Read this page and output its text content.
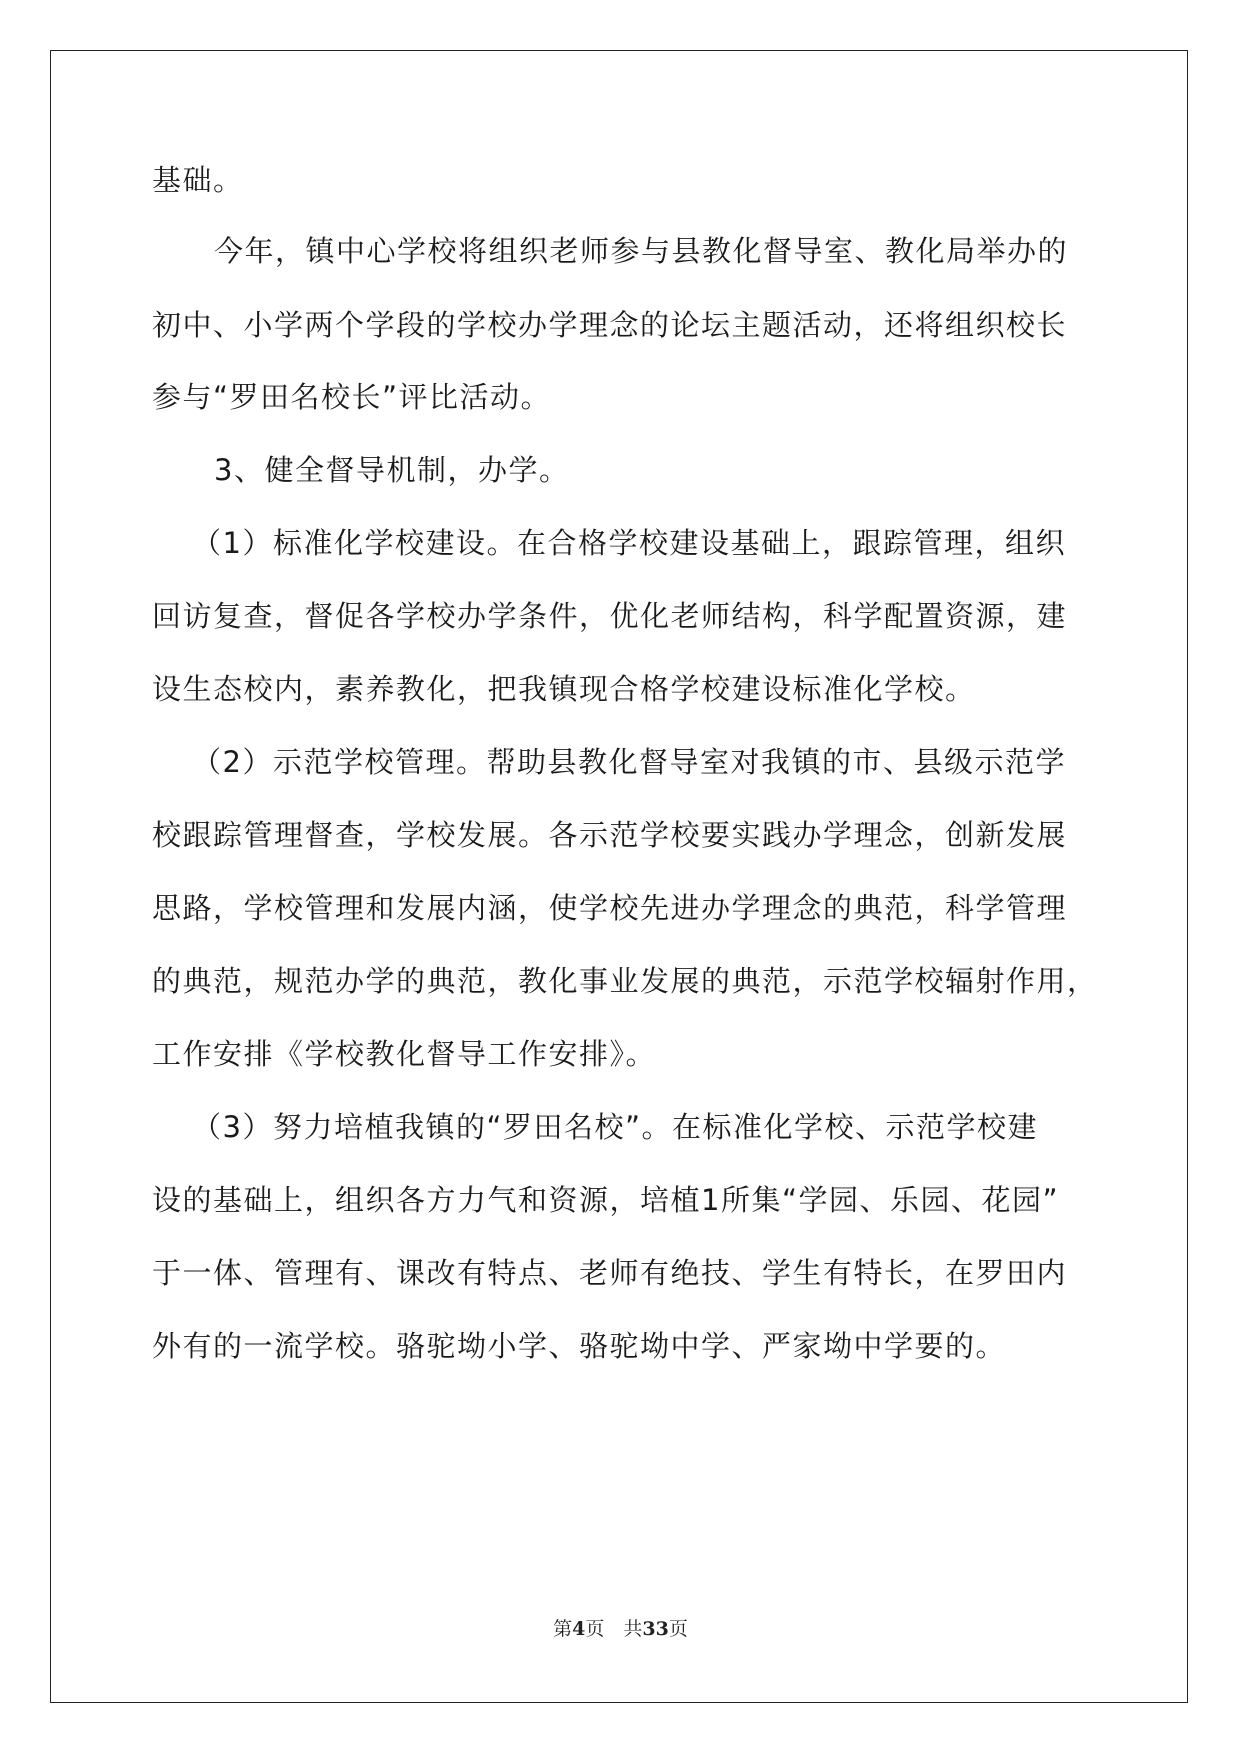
基础。
今年，镇中心学校将组织老师参与县教化督导室、教化局举办的
初中、小学两个学段的学校办学理念的论坛主题活动，还将组织校长
参与“罗田名校长”评比活动。
3、健全督导机制，办学。
（1）标准化学校建设。在合格学校建设基础上，跟踪管理，组织
回访复查，督促各学校办学条件，优化老师结构，科学配置资源，建
设生态校内，素养教化，把我镇现合格学校建设标准化学校。
（2）示范学校管理。帮助县教化督导室对我镇的市、县级示范学
校跟踪管理督查，学校发展。各示范学校要实践办学理念，创新发展
思路，学校管理和发展内涵，使学校先进办学理念的典范，科学管理
的典范，规范办学的典范，教化事业发展的典范，示范学校辐射作用，
工作安排《学校教化督导工作安排》。
（3）努力培植我镇的“罗田名校”。在标准化学校、示范学校建
设的基础上，组织各方力气和资源，培植1所集“学园、乐园、花园”
于一体、管理有、课改有特点、老师有绝技、学生有特长，在罗田内
外有的一流学校。骆驼坳小学、骆驼坳中学、严家坳中学要的。
第4页　共33页
